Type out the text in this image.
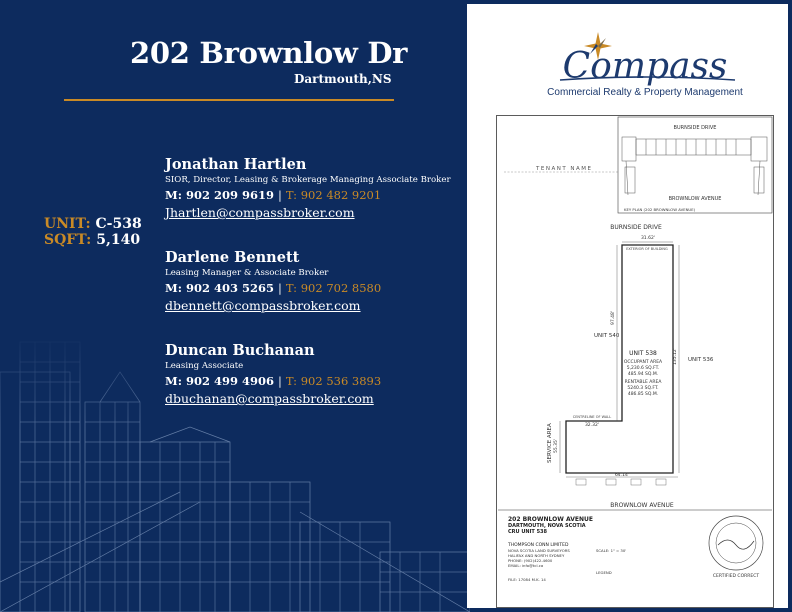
202 Brownlow Dr
Dartmouth,NS
UNIT: C-538
SQFT: 5,140
Jonathan Hartlen
SIOR, Director, Leasing & Brokerage Managing Associate Broker
M: 902 209 9619 | T: 902 482 9201
Jhartlen@compassbroker.com
Darlene Bennett
Leasing Manager & Associate Broker
M: 902 403 5265 | T: 902 702 8580
dbennett@compassbroker.com
Duncan Buchanan
Leasing Associate
M: 902 499 4906 | T: 902 536 3893
dbuchanan@compassbroker.com
Compass
Commercial Realty & Property Management
BURNSIDE DRIVE
BROWNLOW AVENUE
KEY PLAN (202 BROWNLOW AVENUE)
TENANT NAME
BURNSIDE DRIVE
BROWNLOW AVENUE
EXTERIOR OF BUILDING
31.62'
97.48'
UNIT 540
UNIT 536
135.12'
UNIT 538
OCCUPANT AREA
5,230.6 SQ.FT.
485.94 SQ.M.
RENTABLE AREA
5240.3 SQ.FT.
486.85 SQ.M.
CENTRELINE OF WALL
32.32'
55.35'
SERVICE AREA
64.14'
202 BROWNLOW AVENUE
DARTMOUTH, NOVA SCOTIA
CRU UNIT 538
THOMPSON CONN LIMITED
NOVA SCOTIA LAND SURVEYORS
HALIFAX AND NORTH SYDNEY
PHONE: (902)422-4600
EMAIL: info@tcl.ca
SCALE: 1" = 30'
LEGEND
FILE: 17084 M.K. 14
CERTIFIED CORRECT
